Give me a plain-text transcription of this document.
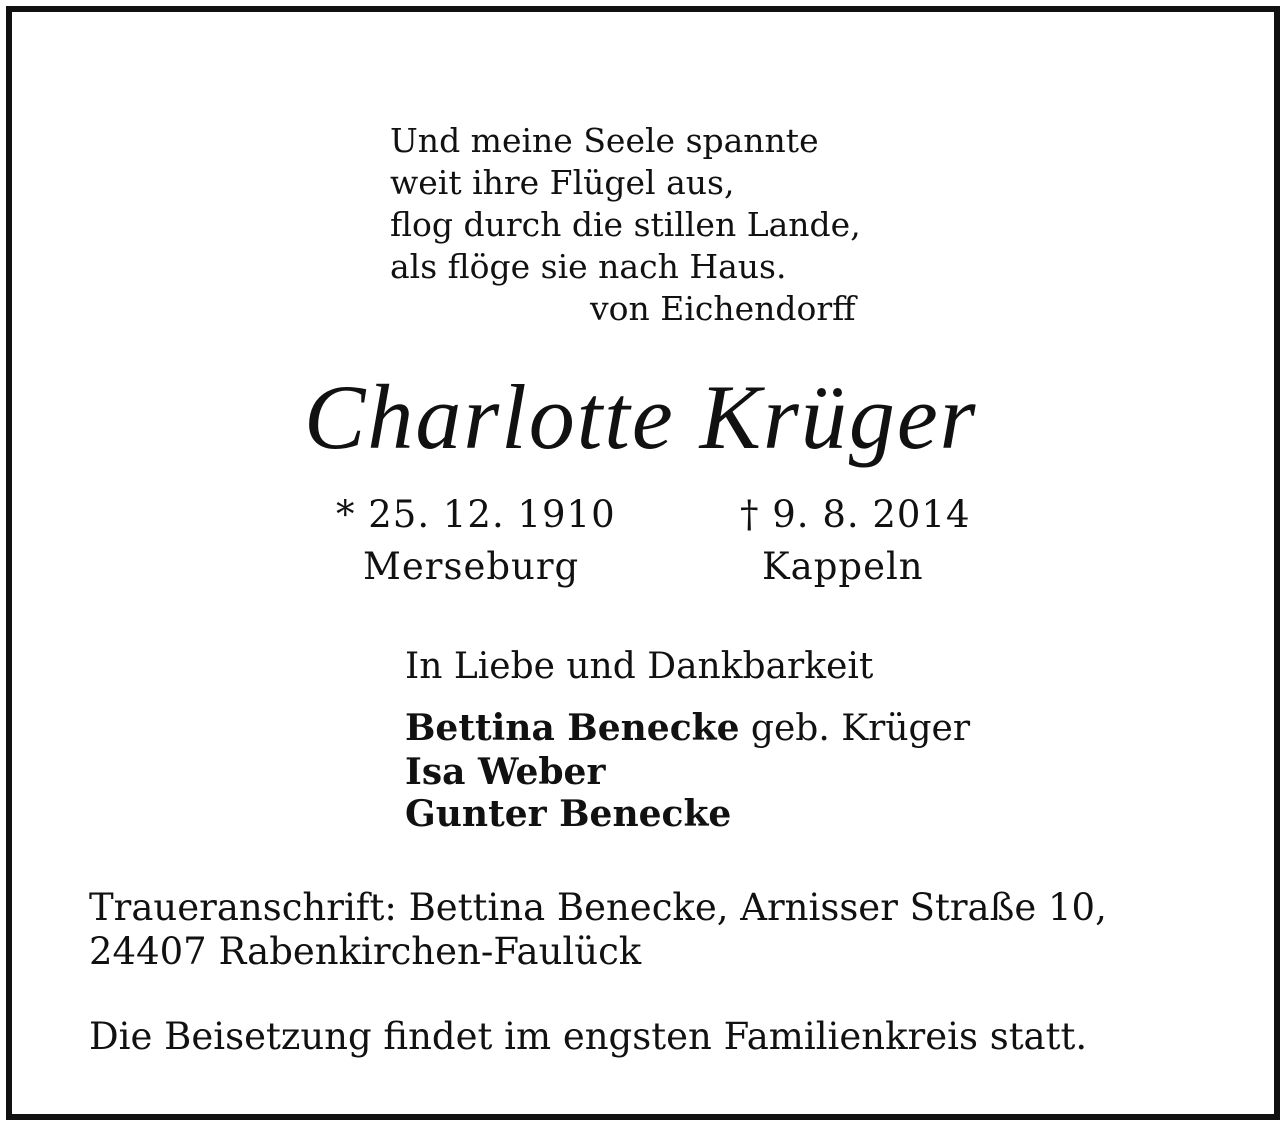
Und meine Seele spannte
weit ihre Flügel aus,
flog durch die stillen Lande,
als flöge sie nach Haus.
von Eichendorff
Charlotte Krüger
* 25. 12. 1910	† 9. 8. 2014
Merseburg	Kappeln
In Liebe und Dankbarkeit
Bettina Benecke geb. Krüger
Isa Weber
Gunter Benecke
Traueranschrift: Bettina Benecke, Arnisser Straße 10,
24407 Rabenkirchen-Faulück
Die Beisetzung findet im engsten Familienkreis statt.
